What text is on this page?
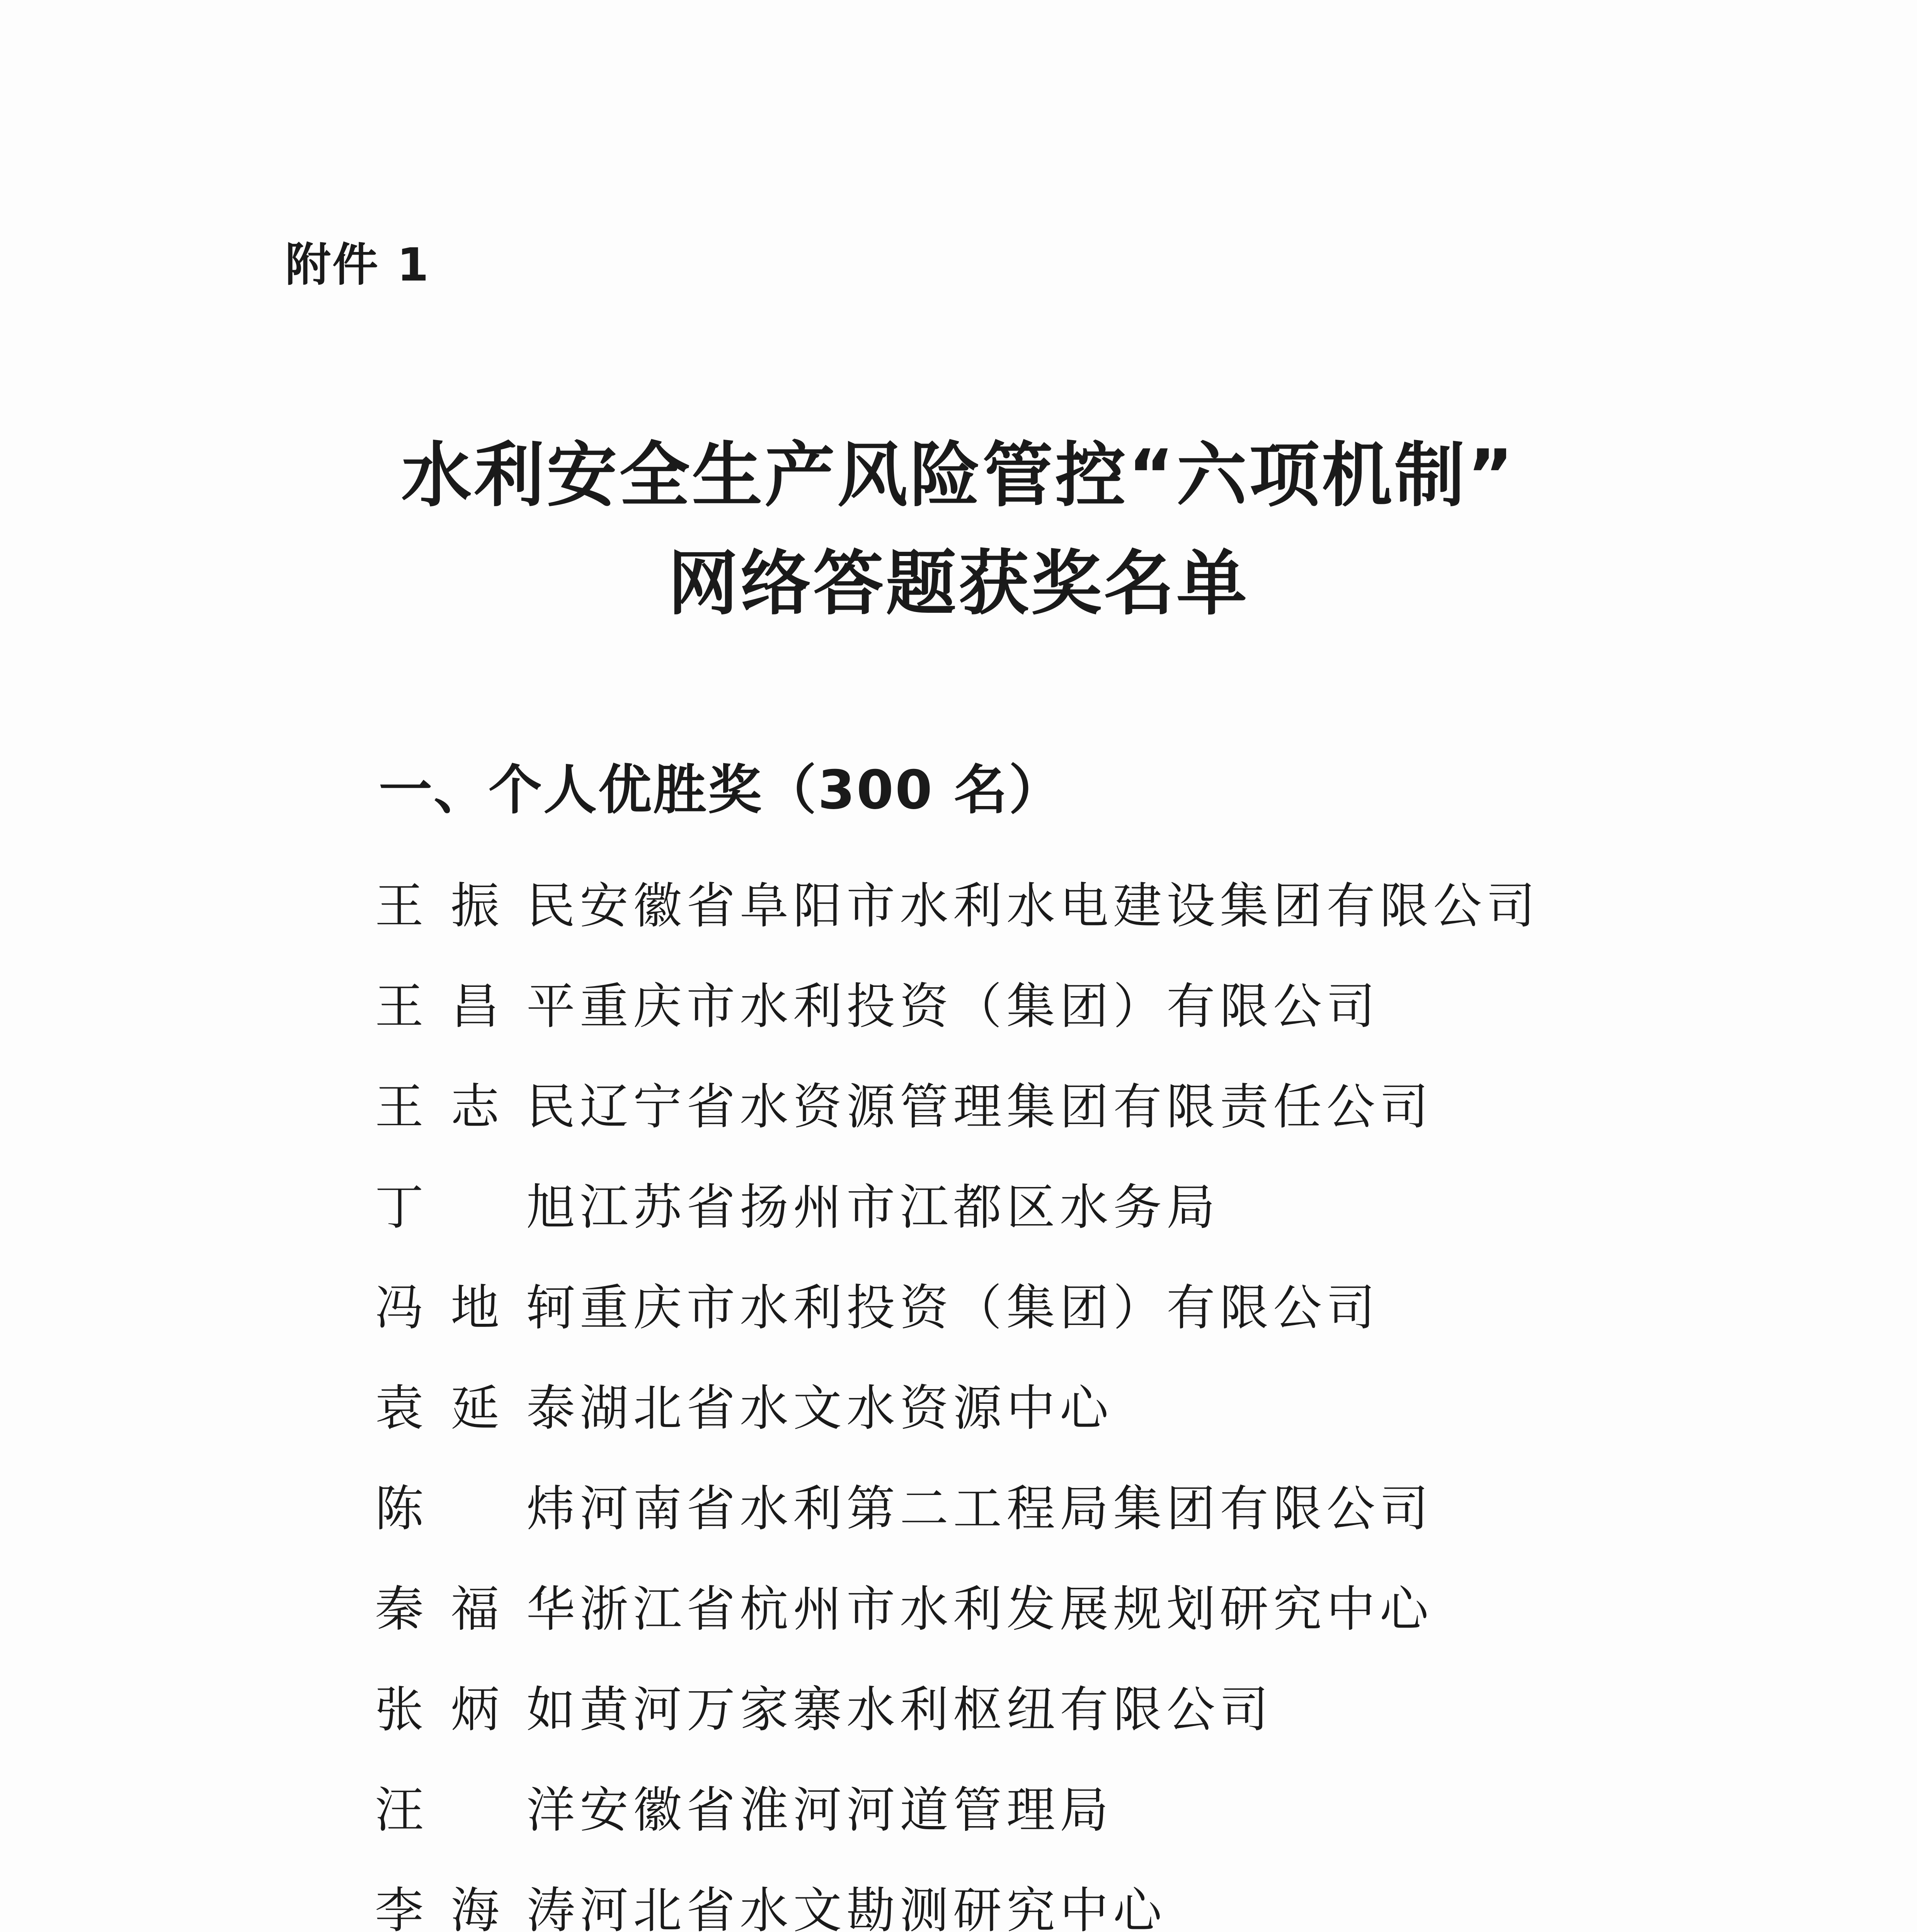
附件 1
水利安全生产风险管控“六项机制”
网络答题获奖名单
一、个人优胜奖（300 名）
王振民 安徽省阜阳市水利水电建设集团有限公司
王昌平 重庆市水利投资（集团）有限公司
王志民 辽宁省水资源管理集团有限责任公司
丁  旭 江苏省扬州市江都区水务局
冯地轲 重庆市水利投资（集团）有限公司
袁延泰 湖北省水文水资源中心
陈  炜 河南省水利第二工程局集团有限公司
秦福华 浙江省杭州市水利发展规划研究中心
张炳如 黄河万家寨水利枢纽有限公司
汪  洋 安徽省淮河河道管理局
李海涛 河北省水文勘测研究中心
